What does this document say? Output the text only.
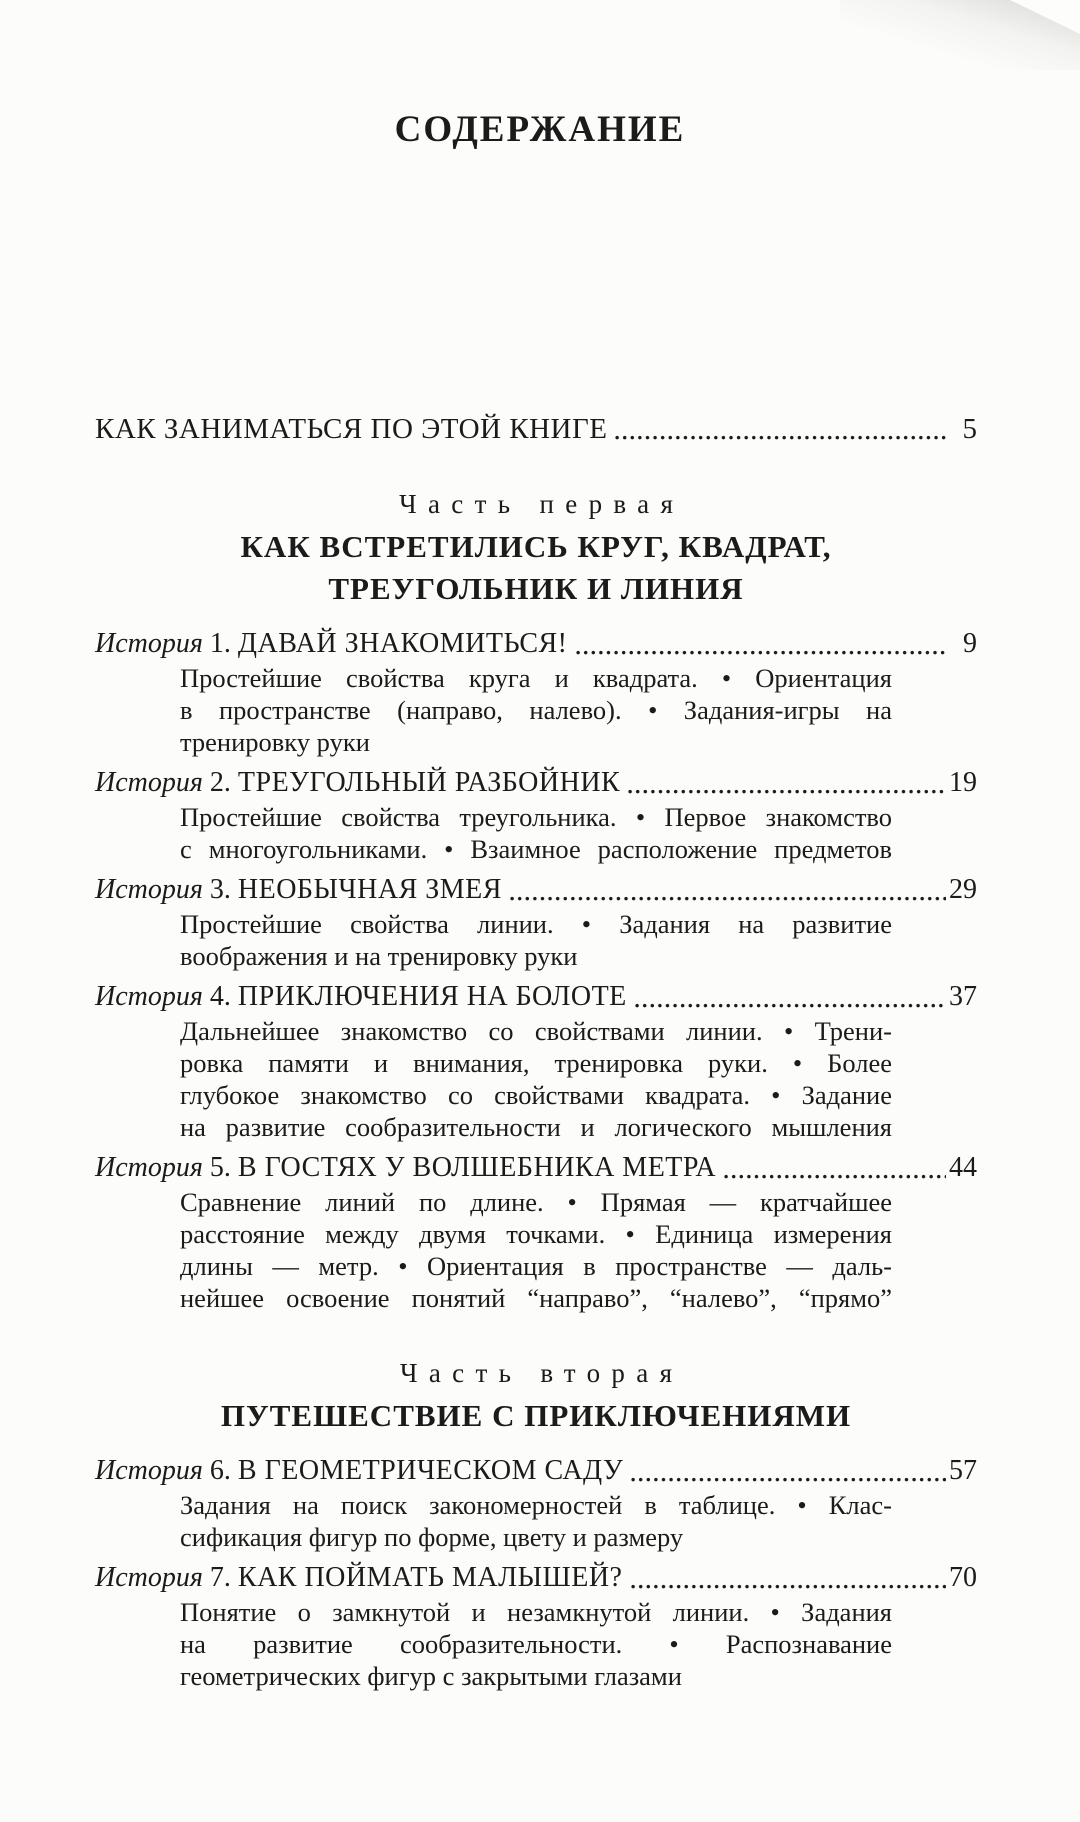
СОДЕРЖАНИЕ
КАК ЗАНИМАТЬСЯ ПО ЭТОЙ КНИГЕ	5
Часть первая
КАК ВСТРЕТИЛИСЬ КРУГ, КВАДРАТ,
ТРЕУГОЛЬНИК И ЛИНИЯ
История 1. ДАВАЙ ЗНАКОМИТЬСЯ!	9
Простейшие свойства круга и квадрата. • Ориентация
в пространстве (направо, налево). • Задания-игры на
тренировку руки
История 2. ТРЕУГОЛЬНЫЙ РАЗБОЙНИК	19
Простейшие свойства треугольника. • Первое знакомство
с многоугольниками. • Взаимное расположение предметов
История 3. НЕОБЫЧНАЯ ЗМЕЯ	29
Простейшие свойства линии. • Задания на развитие
воображения и на тренировку руки
История 4. ПРИКЛЮЧЕНИЯ НА БОЛОТЕ	37
Дальнейшее знакомство со свойствами линии. • Трени-
ровка памяти и внимания, тренировка руки. • Более
глубокое знакомство со свойствами квадрата. • Задание
на развитие сообразительности и логического мышления
История 5. В ГОСТЯХ У ВОЛШЕБНИКА МЕТРА	44
Сравнение линий по длине. • Прямая — кратчайшее
расстояние между двумя точками. • Единица измерения
длины — метр. • Ориентация в пространстве — даль-
нейшее освоение понятий “направо”, “налево”, “прямо”
Часть вторая
ПУТЕШЕСТВИЕ С ПРИКЛЮЧЕНИЯМИ
История 6. В ГЕОМЕТРИЧЕСКОМ САДУ	57
Задания на поиск закономерностей в таблице. • Клас-
сификация фигур по форме, цвету и размеру
История 7. КАК ПОЙМАТЬ МАЛЫШЕЙ?	70
Понятие о замкнутой и незамкнутой линии. • Задания
на развитие сообразительности. • Распознавание
геометрических фигур с закрытыми глазами
